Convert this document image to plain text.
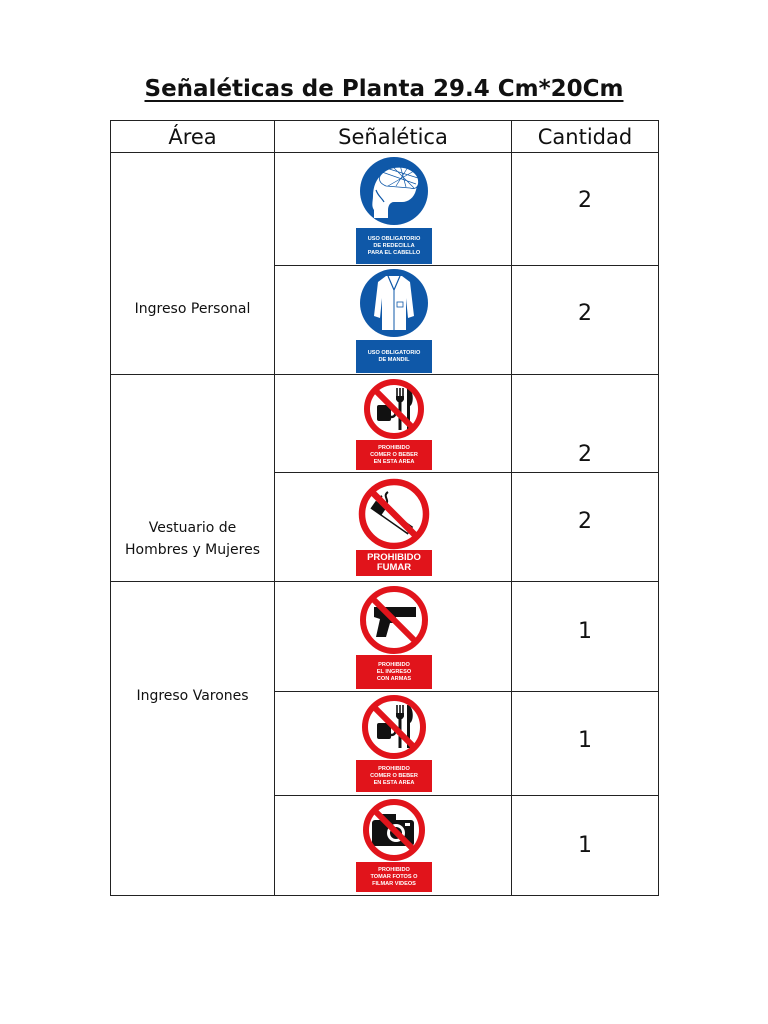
Señaléticas de Planta 29.4 Cm*20Cm
Área	Señalética	Cantidad

Ingreso Personal	USO OBLIGATORIO
DE REDECILLA
PARA EL CABELLO	2

	USO OBLIGATORIO
DE MANDIL	2

Vestuario de
Hombres y Mujeres	PROHIBIDO
COMER O BEBER
EN ESTA AREA	2

	PROHIBIDO
FUMAR	2

Ingreso Varones	PROHIBIDO
EL INGRESO
CON ARMAS	1

	PROHIBIDO
COMER O BEBER
EN ESTA AREA	1

	PROHIBIDO
TOMAR FOTOS O
FILMAR VIDEOS	1
